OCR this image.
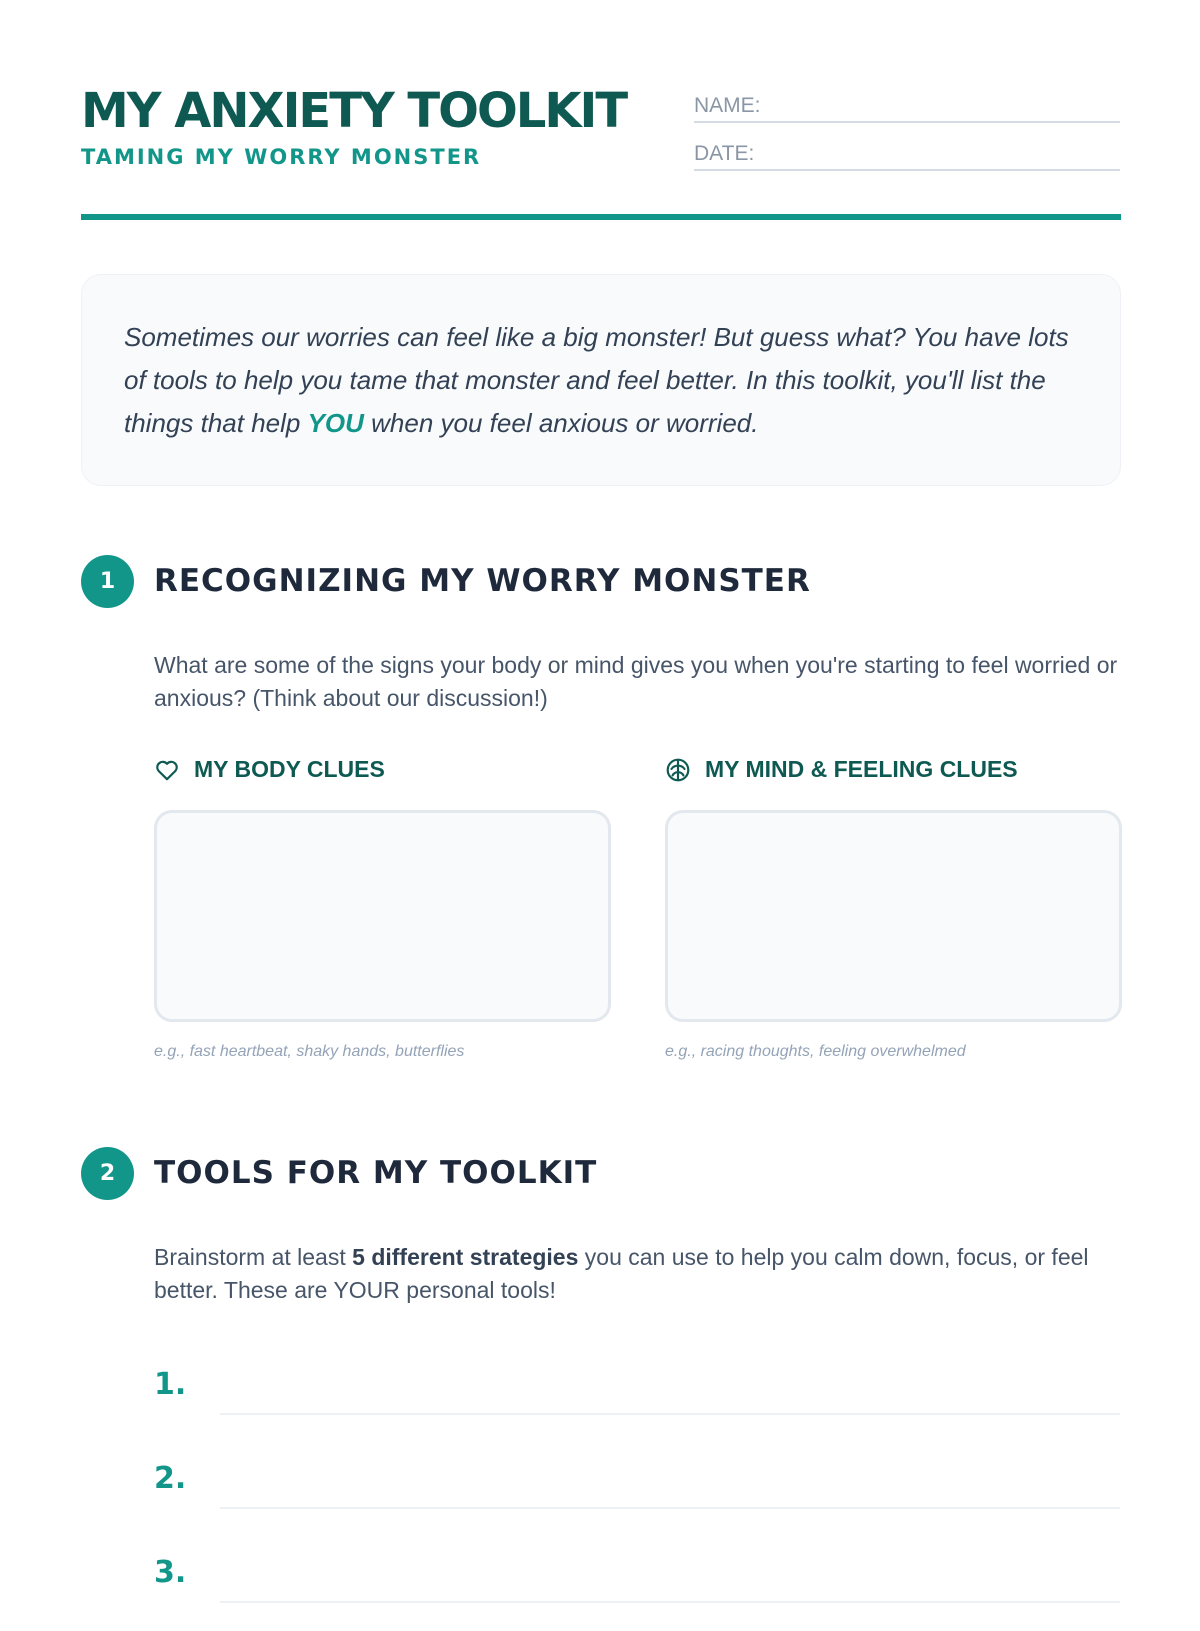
MY ANXIETY TOOLKIT
TAMING MY WORRY MONSTER
NAME:
DATE:
Sometimes our worries can feel like a big monster! But guess what? You have lots of tools to help you tame that monster and feel better. In this toolkit, you'll list the things that help YOU when you feel anxious or worried.
1	RECOGNIZING MY WORRY MONSTER
What are some of the signs your body or mind gives you when you're starting to feel worried or anxious? (Think about our discussion!)
MY BODY CLUES	MY MIND & FEELING CLUES
e.g., fast heartbeat, shaky hands, butterflies	e.g., racing thoughts, feeling overwhelmed
2	TOOLS FOR MY TOOLKIT
Brainstorm at least 5 different strategies you can use to help you calm down, focus, or feel better. These are YOUR personal tools!
1.
2.
3.
